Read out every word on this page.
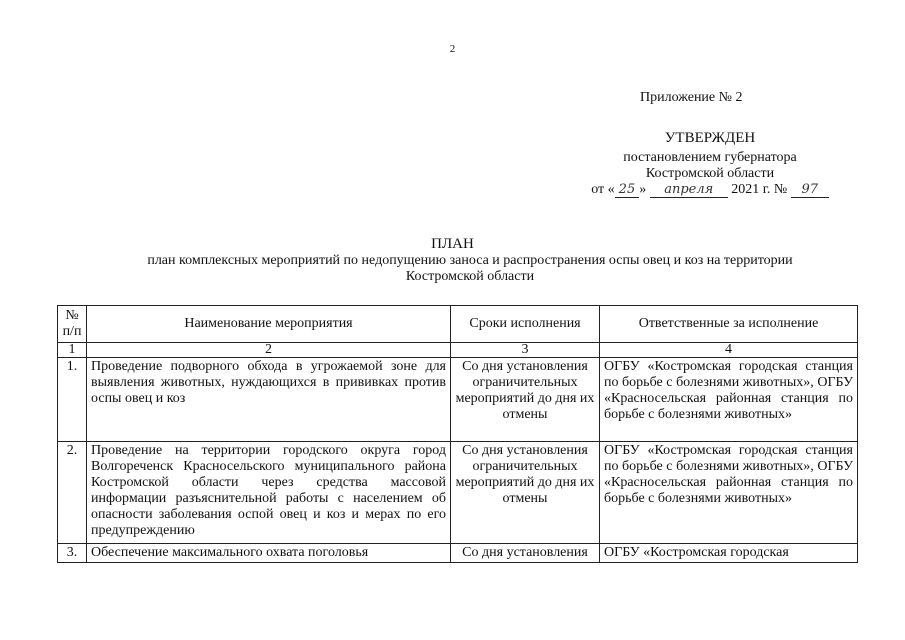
2
Приложение № 2
УТВЕРЖДЕН
постановлением губернатора
Костромской области
от « 25 » апреля 2021 г. № 97
ПЛАН
план комплексных мероприятий по недопущению заноса и распространения оспы овец и коз на территории Костромской области
№ п/п	Наименование мероприятия	Сроки исполнения	Ответственные за исполнение
1	2	3	4
1.	Проведение подворного обхода в угрожаемой зоне для выявления животных, нуждающихся в прививках против оспы овец и коз	Со дня установления ограничительных мероприятий до дня их отмены	ОГБУ «Костромская городская станция по борьбе с болезнями животных», ОГБУ «Красносельская районная станция по борьбе с болезнями животных»
2.	Проведение на территории городского округа город Волгореченск Красносельского муниципального района Костромской области через средства массовой информации разъяснительной работы с населением об опасности заболевания оспой овец и коз и мерах по его предупреждению	Со дня установления ограничительных мероприятий до дня их отмены	ОГБУ «Костромская городская станция по борьбе с болезнями животных», ОГБУ «Красносельская районная станция по борьбе с болезнями животных»
3.	Обеспечение максимального охвата поголовья	Со дня установления	ОГБУ «Костромская городская
